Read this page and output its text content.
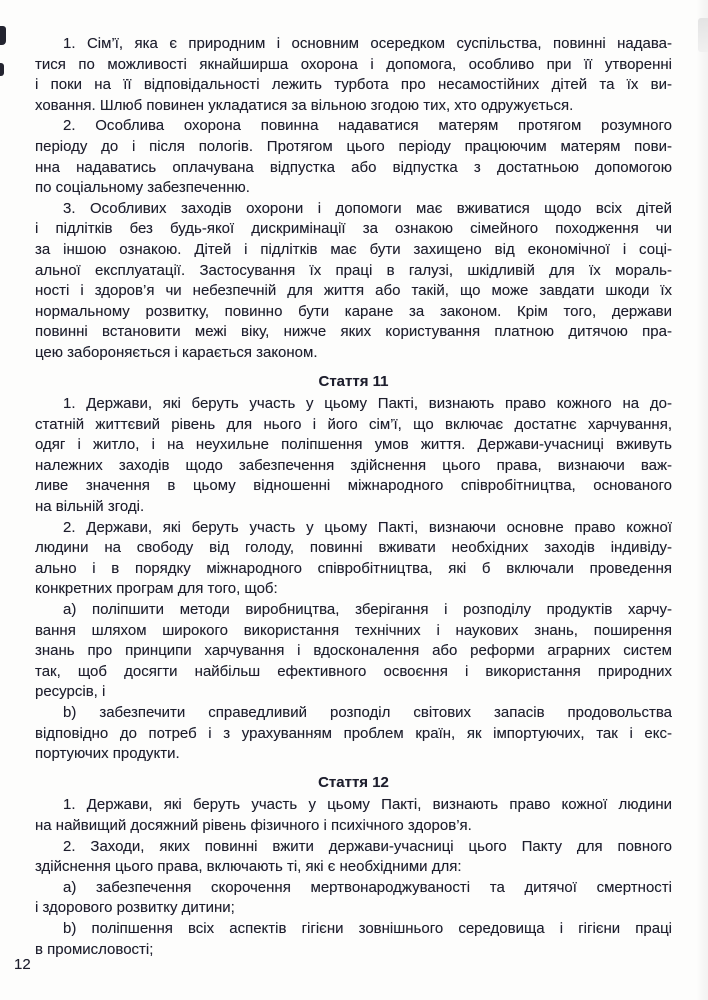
1. Сім’ї, яка є природним і основним осередком суспільства, повинні надава-
тися по можливості якнайширша охорона і допомога, особливо при її утворенні
і поки на її відповідальності лежить турбота про несамостійних дітей та їх ви-
ховання. Шлюб повинен укладатися за вільною згодою тих, хто одружується.
2. Особлива охорона повинна надаватися матерям протягом розумного
періоду до і після пологів. Протягом цього періоду працюючим матерям пови-
нна надаватись оплачувана відпустка або відпустка з достатньою допомогою
по соціальному забезпеченню.
3. Особливих заходів охорони і допомоги має вживатися щодо всіх дітей
і підлітків без будь-якої дискримінації за ознакою сімейного походження чи
за іншою ознакою. Дітей і підлітків має бути захищено від економічної і соці-
альної експлуатації. Застосування їх праці в галузі, шкідливій для їх мораль-
ності і здоров’я чи небезпечній для життя або такій, що може завдати шкоди їх
нормальному розвитку, повинно бути каране за законом. Крім того, держави
повинні встановити межі віку, нижче яких користування платною дитячою пра-
цею забороняється і карається законом.
Стаття 11
1. Держави, які беруть участь у цьому Пакті, визнають право кожного на до-
статній життєвий рівень для нього і його сім’ї, що включає достатнє харчування,
одяг і житло, і на неухильне поліпшення умов життя. Держави-учасниці вживуть
належних заходів щодо забезпечення здійснення цього права, визнаючи важ-
ливе значення в цьому відношенні міжнародного співробітництва, основаного
на вільній згоді.
2. Держави, які беруть участь у цьому Пакті, визнаючи основне право кожної
людини на свободу від голоду, повинні вживати необхідних заходів індивіду-
ально і в порядку міжнародного співробітництва, які б включали проведення
конкретних програм для того, щоб:
а) поліпшити методи виробництва, зберігання і розподілу продуктів харчу-
вання шляхом широкого використання технічних і наукових знань, поширення
знань про принципи харчування і вдосконалення або реформи аграрних систем
так, щоб досягти найбільш ефективного освоєння і використання природних
ресурсів, і
b) забезпечити справедливий розподіл світових запасів продовольства
відповідно до потреб і з урахуванням проблем країн, як імпортуючих, так і екс-
портуючих продукти.
Стаття 12
1. Держави, які беруть участь у цьому Пакті, визнають право кожної людини
на найвищий досяжний рівень фізичного і психічного здоров’я.
2. Заходи, яких повинні вжити держави-учасниці цього Пакту для повного
здійснення цього права, включають ті, які є необхідними для:
а) забезпечення скорочення мертвонароджуваності та дитячої смертності
і здорового розвитку дитини;
b) поліпшення всіх аспектів гігієни зовнішнього середовища і гігієни праці
в промисловості;
12
